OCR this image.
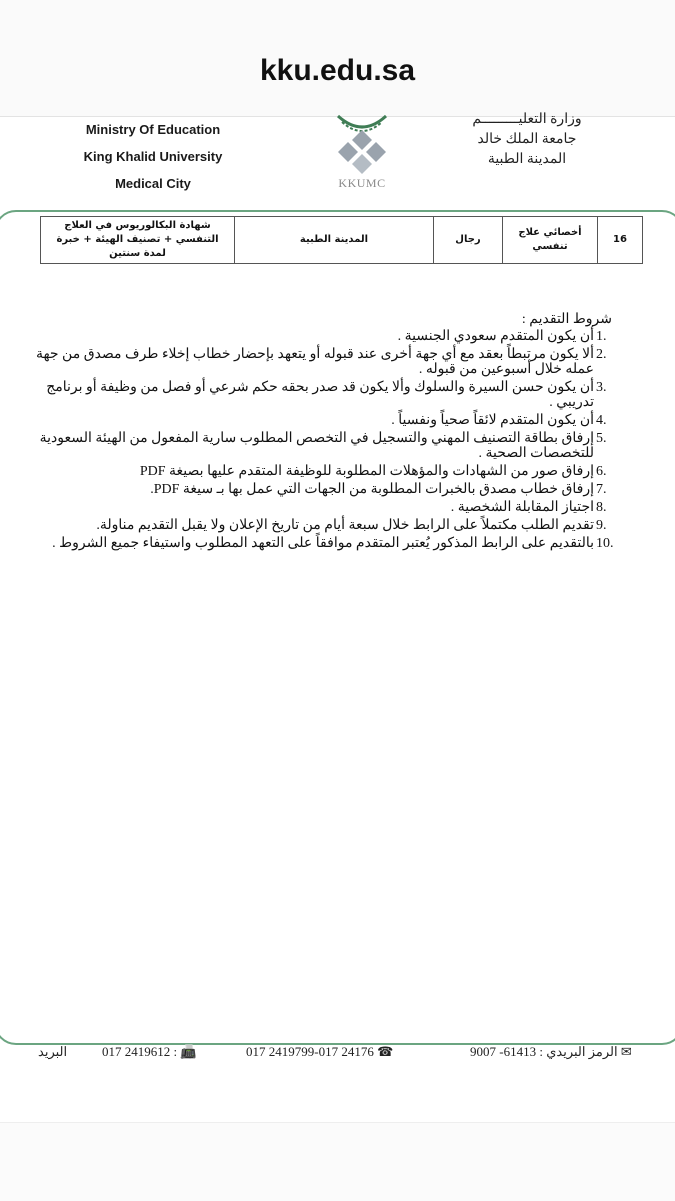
kku.edu.sa
Ministry Of Education
King Khalid University
Medical City	KKUMC
وزارة التعليـــــــــم
جامعة الملك خالد
المدينة الطبية
16	أخصائي علاج تنفسي	رجال	المدينة الطبية	شهادة البكالوريوس في العلاج التنفسي + تصنيف الهيئة + خبرة لمدة سنتين
شروط التقديم :
1.
أن يكون المتقدم سعودي الجنسية .
2.
ألا يكون مرتبطاً بعقد مع أي جهة أخرى عند قبوله أو يتعهد بإحضار خطاب إخلاء طرف مصدق من جهة عمله خلال أسبوعين من قبوله .
3.
أن يكون حسن السيرة والسلوك وألا يكون قد صدر بحقه حكم شرعي أو فصل من وظيفة أو برنامج تدريبي .
4.
أن يكون المتقدم لائقاً صحياً ونفسياً .
5.
إرفاق بطاقة التصنيف المهني والتسجيل في التخصص المطلوب سارية المفعول من الهيئة السعودية للتخصصات الصحية .
6.
إرفاق صور من الشهادات والمؤهلات المطلوبة للوظيفة المتقدم عليها بصيغة PDF
7.
إرفاق خطاب مصدق بالخبرات المطلوبة من الجهات التي عمل بها بـ سيغة PDF.
8.
اجتياز المقابلة الشخصية .
9.
تقديم الطلب مكتملاً على الرابط خلال سبعة أيام من تاريخ الإعلان ولا يقبل التقديم مناولة.
10.
بالتقديم على الرابط المذكور يُعتبر المتقدم موافقاً على التعهد المطلوب واستيفاء جميع الشروط .
البريد	017 2419612 : 📠	017 2419799-017 24176 ☎	9007 -الرمز البريدي : 61413 ✉
